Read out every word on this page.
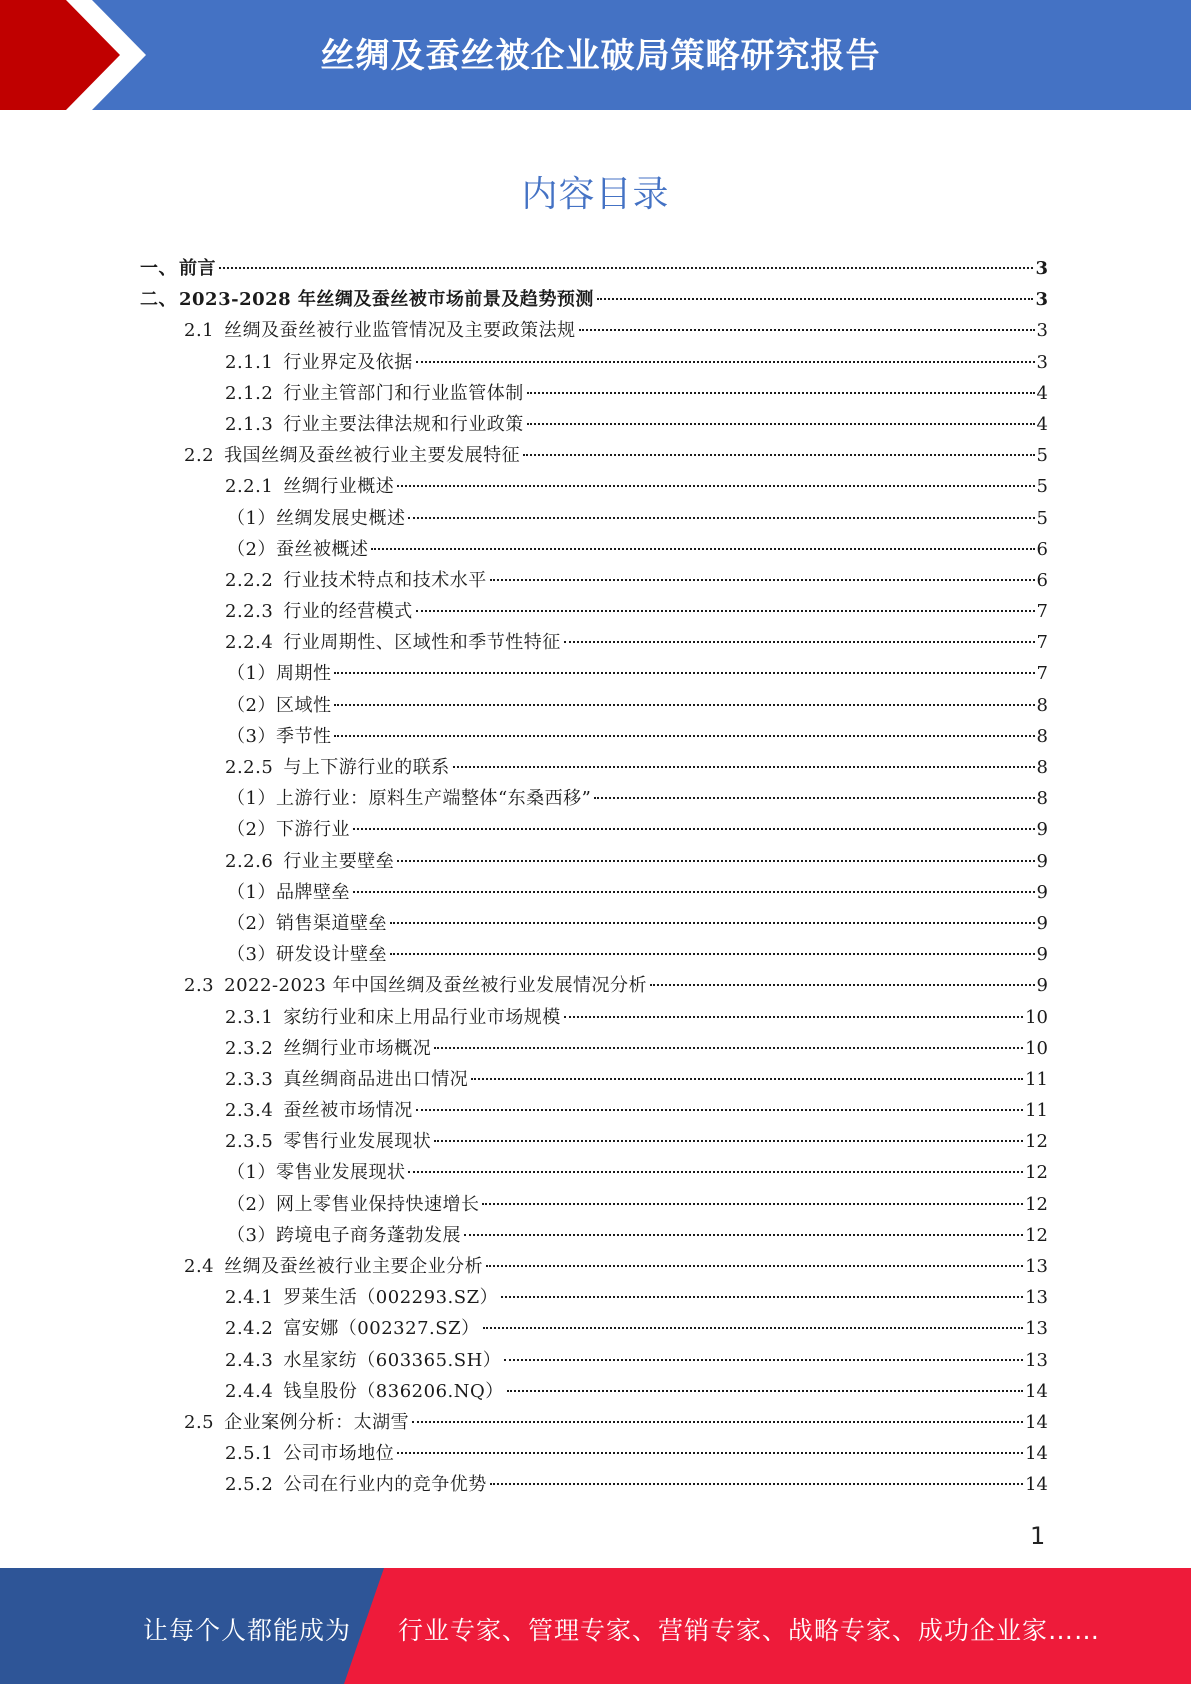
丝绸及蚕丝被企业破局策略研究报告
内容目录
一、 前言	3
二、 2023-2028 年丝绸及蚕丝被市场前景及趋势预测	3
2.1 丝绸及蚕丝被行业监管情况及主要政策法规	3
2.1.1 行业界定及依据	3
2.1.2 行业主管部门和行业监管体制	4
2.1.3 行业主要法律法规和行业政策	4
2.2 我国丝绸及蚕丝被行业主要发展特征	5
2.2.1 丝绸行业概述	5
（1） 丝绸发展史概述	5
（2） 蚕丝被概述	6
2.2.2 行业技术特点和技术水平	6
2.2.3 行业的经营模式	7
2.2.4 行业周期性、区域性和季节性特征	7
（1） 周期性	7
（2） 区域性	8
（3） 季节性	8
2.2.5 与上下游行业的联系	8
（1） 上游行业：原料生产端整体“东桑西移”	8
（2） 下游行业	9
2.2.6 行业主要壁垒	9
（1） 品牌壁垒	9
（2） 销售渠道壁垒	9
（3） 研发设计壁垒	9
2.3 2022-2023 年中国丝绸及蚕丝被行业发展情况分析	9
2.3.1 家纺行业和床上用品行业市场规模	10
2.3.2 丝绸行业市场概况	10
2.3.3 真丝绸商品进出口情况	11
2.3.4 蚕丝被市场情况	11
2.3.5 零售行业发展现状	12
（1） 零售业发展现状	12
（2） 网上零售业保持快速增长	12
（3） 跨境电子商务蓬勃发展	12
2.4 丝绸及蚕丝被行业主要企业分析	13
2.4.1 罗莱生活（002293.SZ）	13
2.4.2 富安娜（002327.SZ）	13
2.4.3 水星家纺（603365.SH）	13
2.4.4 钱皇股份（836206.NQ）	14
2.5 企业案例分析：太湖雪	14
2.5.1 公司市场地位	14
2.5.2 公司在行业内的竞争优势	14
1
让每个人都能成为 行业专家、管理专家、营销专家、战略专家、成功企业家……
